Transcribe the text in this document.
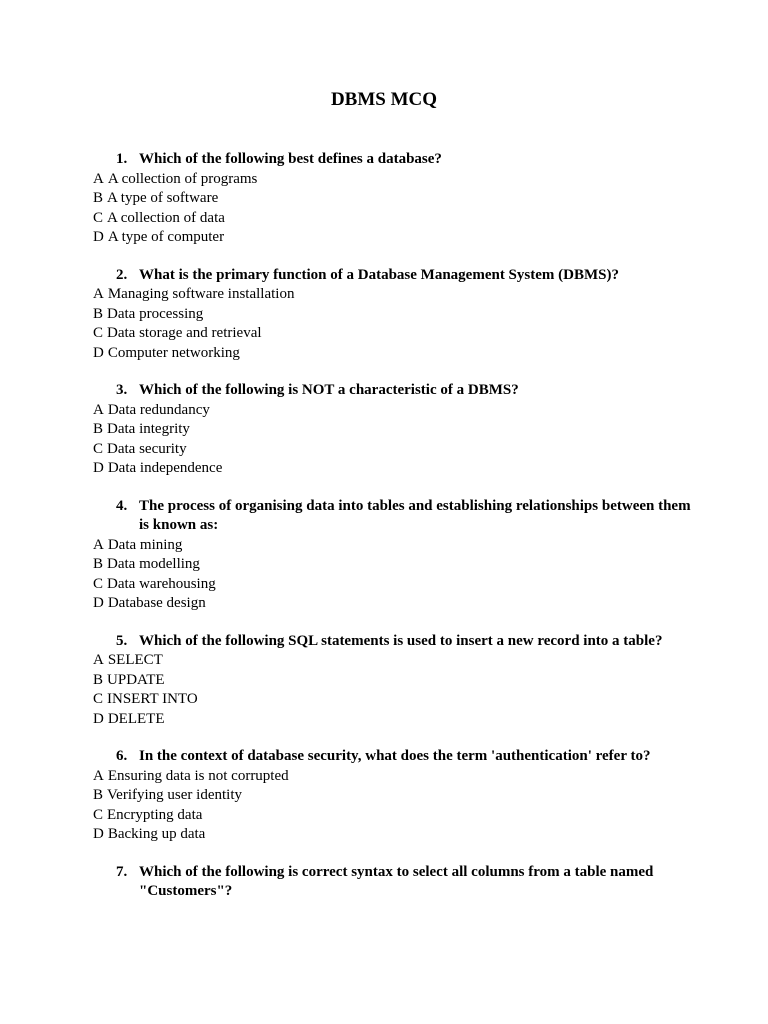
DBMS MCQ
1. Which of the following best defines a database?
A A collection of programs
B A type of software
C A collection of data
D A type of computer
2. What is the primary function of a Database Management System (DBMS)?
A Managing software installation
B Data processing
C Data storage and retrieval
D Computer networking
3. Which of the following is NOT a characteristic of a DBMS?
A Data redundancy
B Data integrity
C Data security
D Data independence
4. The process of organising data into tables and establishing relationships between them is known as:
A Data mining
B Data modelling
C Data warehousing
D Database design
5. Which of the following SQL statements is used to insert a new record into a table?
A SELECT
B UPDATE
C INSERT INTO
D DELETE
6. In the context of database security, what does the term 'authentication' refer to?
A Ensuring data is not corrupted
B Verifying user identity
C Encrypting data
D Backing up data
7. Which of the following is correct syntax to select all columns from a table named "Customers"?
